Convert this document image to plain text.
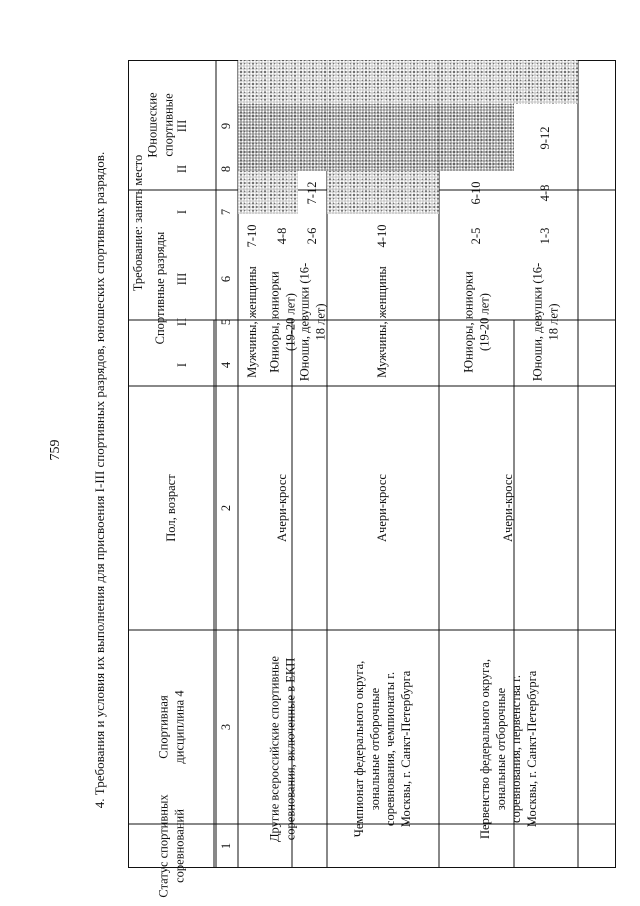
759 4. Требования и условия их выполнения для присвоения I-III спортивных разрядов, юношеских спортивных разрядов.
Статус спортивных соревнований
Спортивная дисциплина 4
Пол, возраст
Требование: занять место Спортивные разряды
Юношеские спортивные
I
II
III
I
II
III
1
3
2
4
5
6
7
8
9
Другие всероссийские спортивные соревнования, включенные в ЕКП
Ачери-кросс
Чемпионат федерального округа, зональные отборочные соревнования, чемпионаты г. Москвы, г. Санкт-Петербурга
Ачери-кросс
Первенство федерального округа, зональные отборочные соревнования, первенства г. Москвы, г. Санкт-Петербурга
Ачери-кросс
Мужчины, женщины
7-10
Юниоры, юниорки (19-20 лет)
4-8
Юноши, девушки (16-18 лет)
2-6
7-12
Мужчины, женщины
4-10
Юниоры, юниорки (19-20 лет)
2-5
6-10
Юноши, девушки (16-18 лет)
1-3
4-8
9-12
